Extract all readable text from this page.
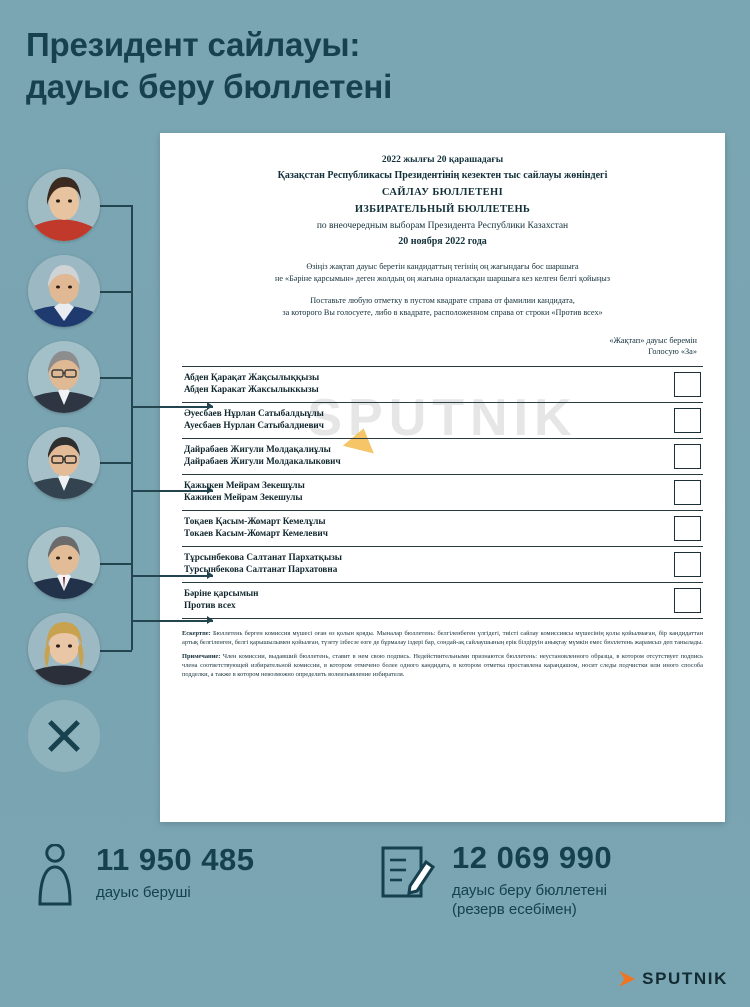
Президент сайлауы:
дауыс беру бюллетені
SPUTNIK
2022 жылғы 20 қарашадағы
Қазақстан Республикасы Президентінің кезектен тыс сайлауы жөніндегі
САЙЛАУ БЮЛЛЕТЕНІ
ИЗБИРАТЕЛЬНЫЙ БЮЛЛЕТЕНЬ
по внеочередным выборам Президента Республики Казахстан
20 ноября 2022 года
Өзіңіз жақтап дауыс беретін кандидаттың тегінің оң жағындағы бос шаршыға
не «Бәріне қарсымын» деген жолдың оң жағына орналасқан шаршыға кез келген белгі қойыңыз
Поставьте любую отметку в пустом квадрате справа от фамилии кандидата,
за которого Вы голосуете, либо в квадрате, расположенном справа от строки «Против всех»
«Жақтап» дауыс беремін
Голосую «За»
Абден Қарақат Жақсылыққызы
Абден Каракат Жаксылыккызы
Әуесбаев Нұрлан Сатыбалдыұлы
Ауесбаев Нурлан Сатыбалдиевич
Дайрабаев Жигули Молдақалиұлы
Дайрабаев Жигули Молдакалыкович
Қажыкен Мейрам Зекешұлы
Кажикен Мейрам Зекешулы
Тоқаев Қасым-Жомарт Кемелұлы
Токаев Касым-Жомарт Кемелевич
Тұрсынбекова Салтанат Пархатқызы
Турсынбекова Салтанат Пархатовна
Бәріне қарсымын
Против всех
Ескертпе: Бюллетень берген комиссия мүшесі оған өз қолын қояды. Мыналар бюллетень: белгіленбеген үлгідегі, тиісті сайлау комиссиясы мүшесінің қолы қойылмаған, бір кандидаттан артық белгіленген, белгі қарышылымен қойылған, түзету ізбесзе өзге де бұрмалау іздері бар, сондай-ақ сайлаушының ерік білдіруін анықтау мүмкін емес бюллетень жарамсыз деп танылады.
Примечание: Член комиссии, выдавший бюллетень, ставит в нем свою подпись. Недействительными признаются бюллетень: неустановленного образца, в котором отсутствует подпись члена соответствующей избирательной комиссии, в котором отмечено более одного кандидата, в котором отметка проставлена карандашом, носит следы подчистки или иного способа подделки, а также в котором невозможно определить волеизъявление избирателя.
11 950 485
дауыс беруші
12 069 990
дауыс беру бюллетені
(резерв есебімен)
SPUTNIK
